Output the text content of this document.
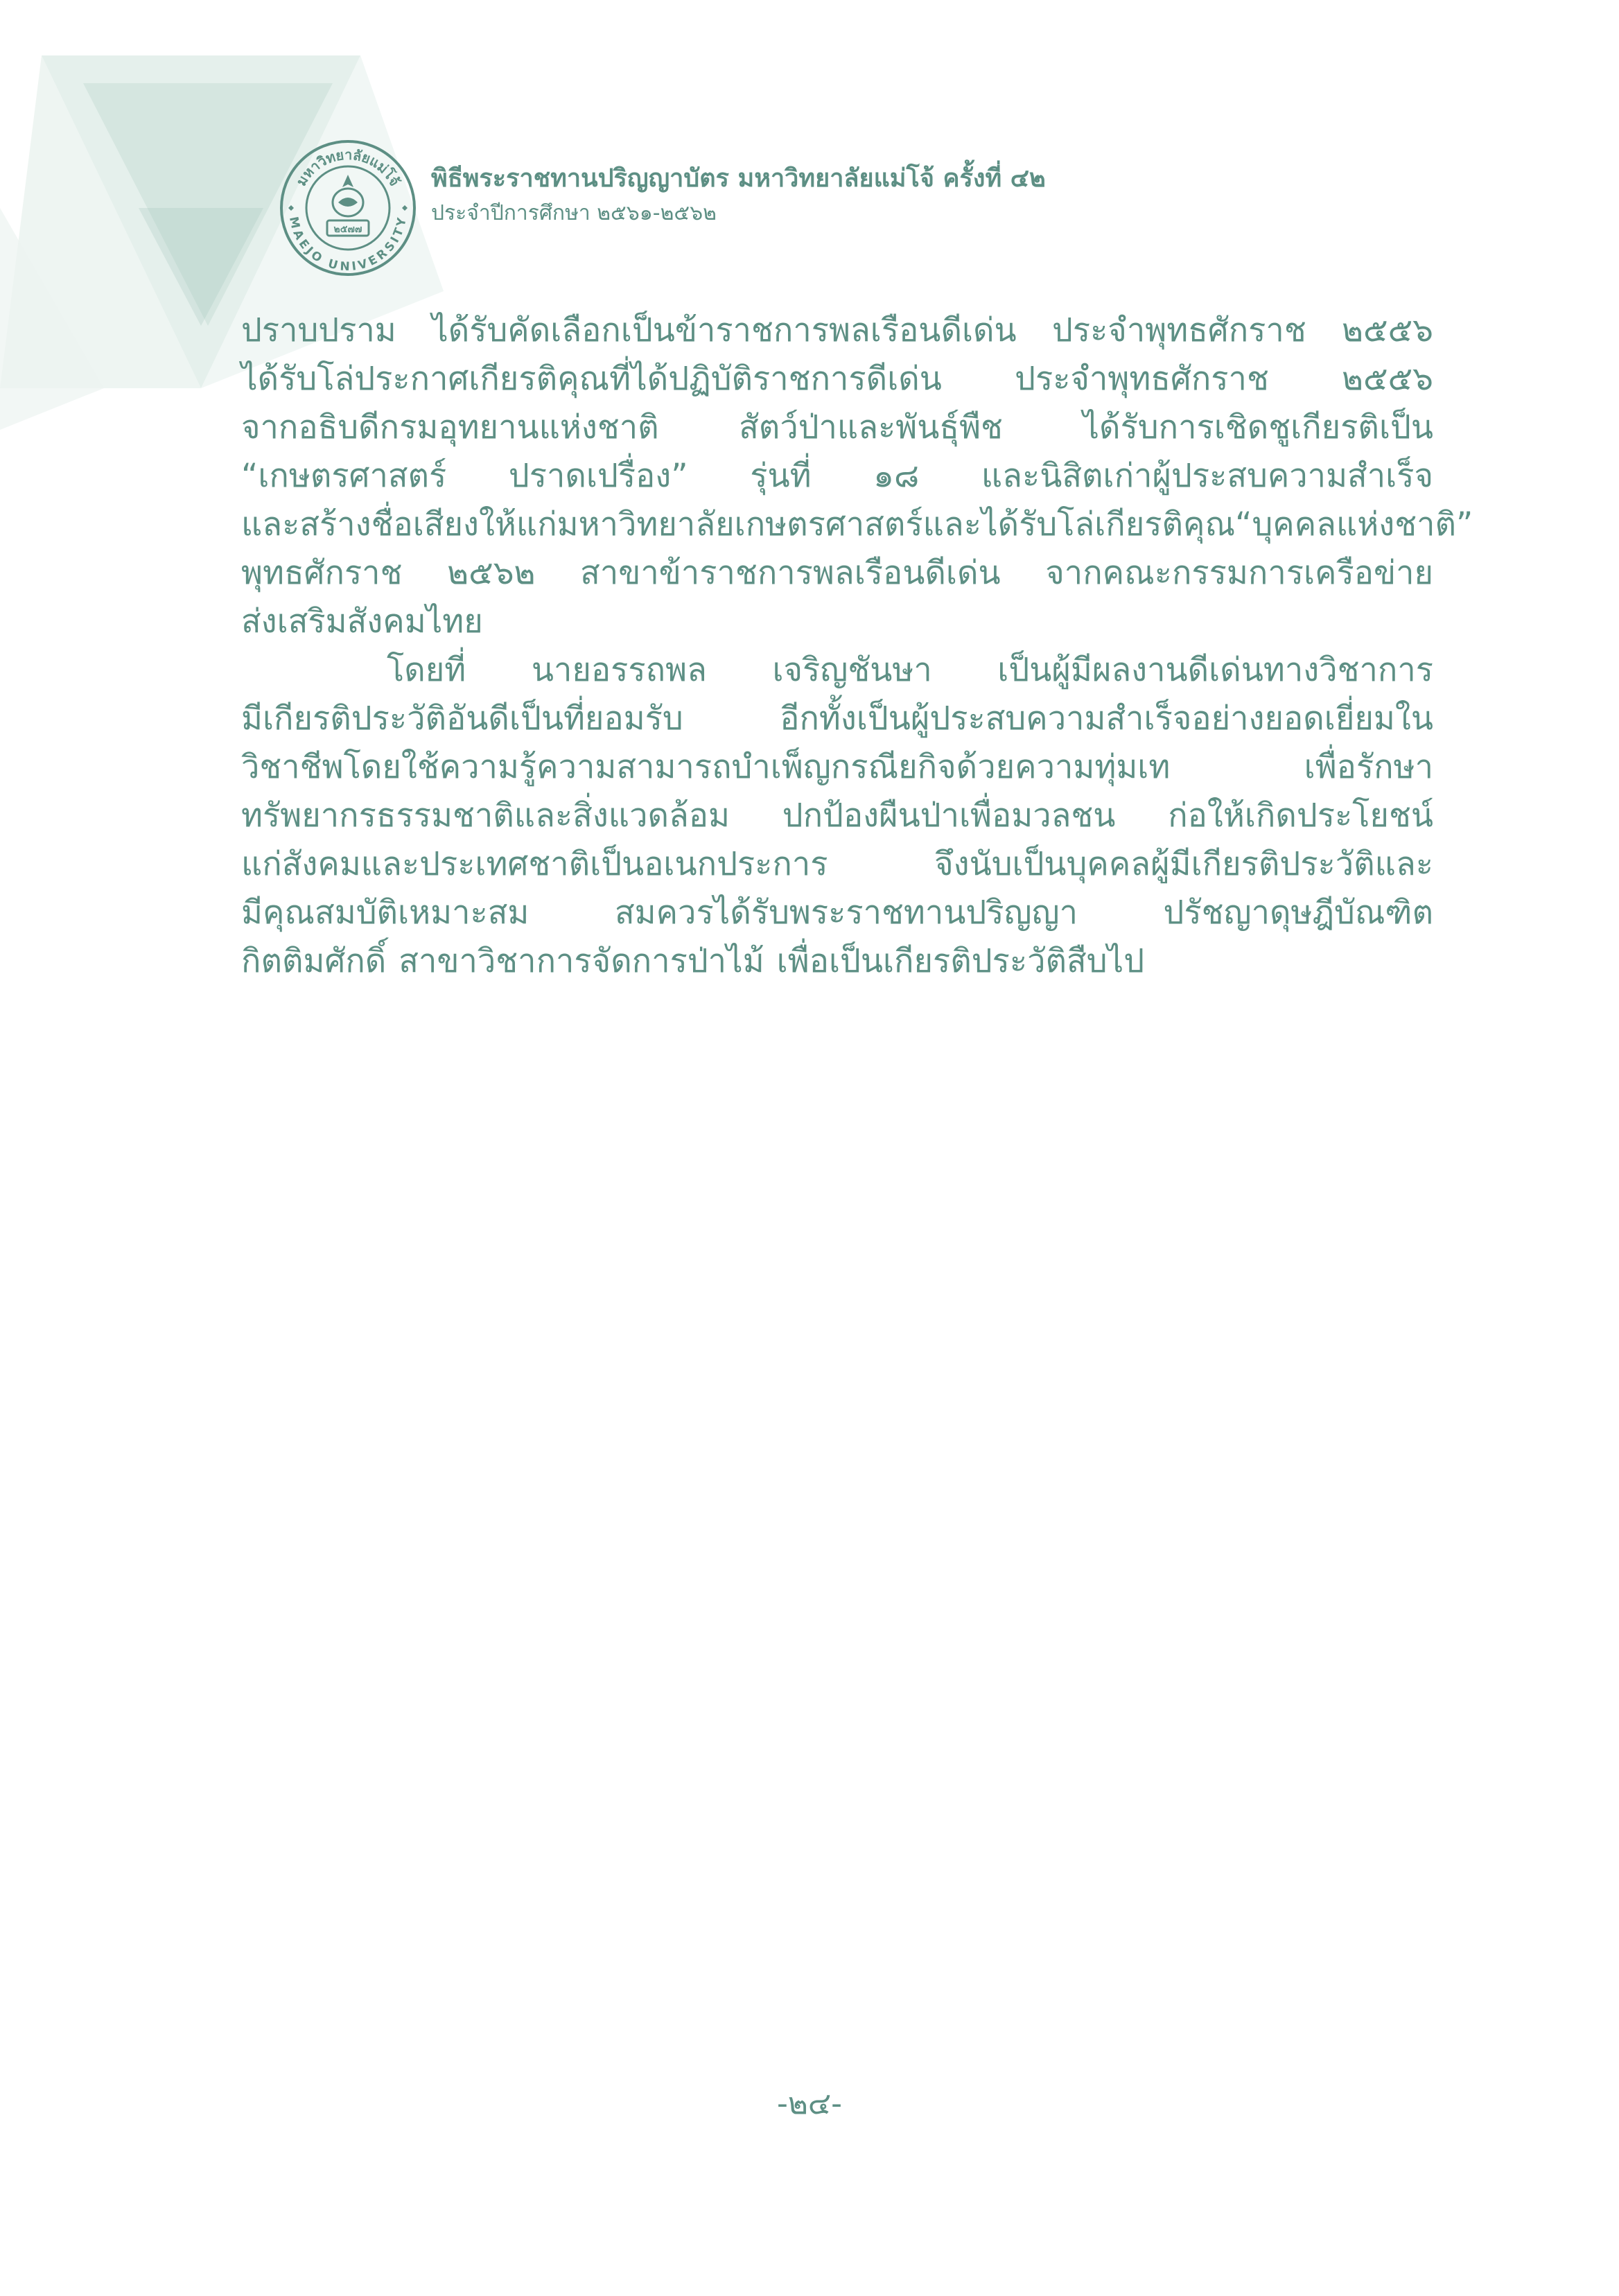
มหาวิทยาลัยแม่โจ้
MAEJO UNIVERSITY
๒๕๗๗
พิธีพระราชทานปริญญาบัตร มหาวิทยาลัยแม่โจ้ ครั้งที่ ๔๒
ประจำปีการศึกษา ๒๕๖๑-๒๕๖๒
ปราบปราม ได้รับคัดเลือกเป็นข้าราชการพลเรือนดีเด่น ประจำพุทธศักราช ๒๕๕๖
ได้รับโล่ประกาศเกียรติคุณที่ได้ปฏิบัติราชการดีเด่น ประจำพุทธศักราช ๒๕๕๖
จากอธิบดีกรมอุทยานแห่งชาติ สัตว์ป่าและพันธุ์พืช ได้รับการเชิดชูเกียรติเป็น
“เกษตรศาสตร์ ปราดเปรื่อง” รุ่นที่ ๑๘ และนิสิตเก่าผู้ประสบความสำเร็จ
และสร้างชื่อเสียงให้แก่มหาวิทยาลัยเกษตรศาสตร์ และได้รับโล่เกียรติคุณ “บุคคลแห่งชาติ”
พุทธศักราช ๒๕๖๒ สาขาข้าราชการพลเรือนดีเด่น จากคณะกรรมการเครือข่าย
ส่งเสริมสังคมไทย
โดยที่ นายอรรถพล เจริญชันษา เป็นผู้มีผลงานดีเด่นทางวิชาการ
มีเกียรติประวัติอันดีเป็นที่ยอมรับ	อีกทั้งเป็นผู้ประสบความสำเร็จอย่างยอดเยี่ยมใน
วิชาชีพโดยใช้ความรู้ความสามารถบำเพ็ญกรณียกิจด้วยความทุ่มเท	เพื่อรักษา
ทรัพยากรธรรมชาติและสิ่งแวดล้อม ปกป้องผืนป่าเพื่อมวลชน ก่อให้เกิดประโยชน์
แก่สังคมและประเทศชาติเป็นอเนกประการ	จึงนับเป็นบุคคลผู้มีเกียรติประวัติและ
มีคุณสมบัติเหมาะสม	สมควรได้รับพระราชทานปริญญา	ปรัชญาดุษฎีบัณฑิต
กิตติมศักดิ์ สาขาวิชาการจัดการป่าไม้ เพื่อเป็นเกียรติประวัติสืบไป
-๒๔-
